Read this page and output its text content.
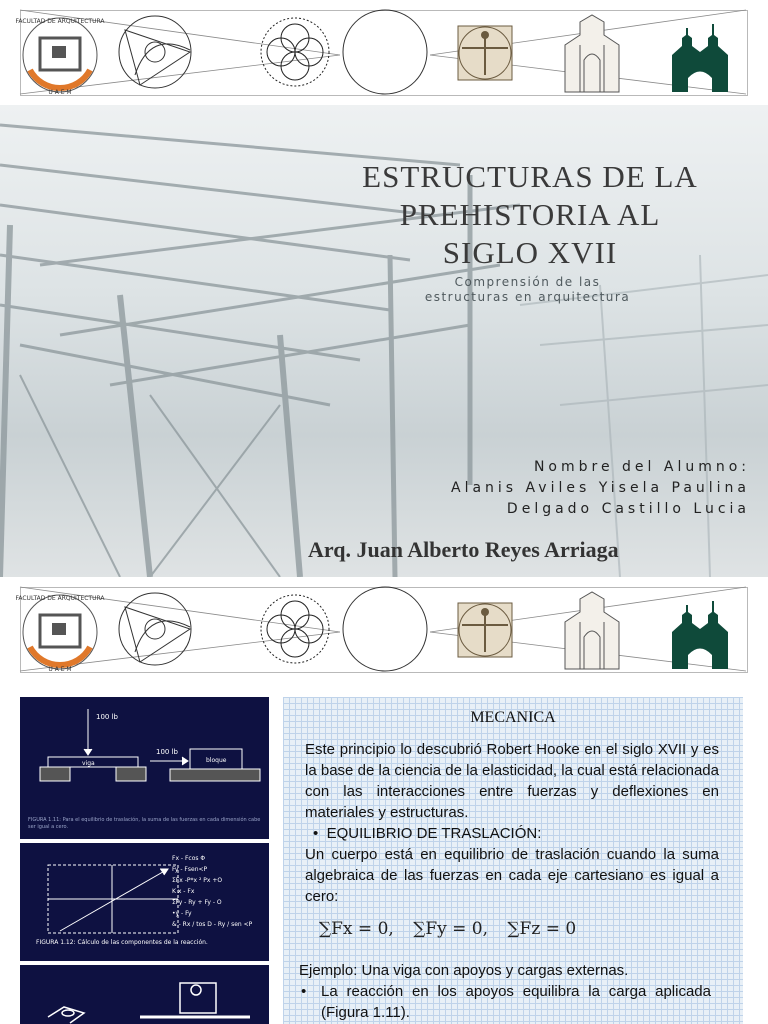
FACULTAD DE ARQUITECTURA
U A E M
ESTRUCTURAS DE LA
PREHISTORIA AL
SIGLO XVII
Comprensión de las
estructuras en arquitectura
Nombre del Alumno:
Alanis Aviles Yisela Paulina
Delgado Castillo Lucia
Arq. Juan Alberto Reyes Arriaga
FACULTAD DE ARQUITECTURA
U A E M
100 lb
100 lb
viga	bloque
FIGURA 1.11: Para el equilibrio de traslación, la suma de las fuerzas en cada dimensión cabe ser igual a cero.
Fx - Fcos Φ
Fy - Fsen<P
ΣFx -P*x ² Px +O
K x - Fx
ΣFy - Ry + Fy - O
•y - Fy
& - Rx / tos D - Ry / sen <P
FIGURA 1.12: Cálculo de las componentes de la reacción.
MECANICA
Este principio lo descubrió Robert Hooke en el siglo XVII y es la base de la ciencia de la elasticidad, la cual está relacionada con las interacciones entre fuerzas y deflexiones en materiales y estructuras.
•  EQUILIBRIO DE TRASLACIÓN:
Un cuerpo está en equilibrio de traslación cuando la suma algebraica de las fuerzas en cada eje cartesiano es igual a cero:
∑Fx = 0, ∑Fy = 0, ∑Fz = 0
Ejemplo: Una viga con apoyos y cargas externas.
• La reacción en los apoyos equilibra la carga aplicada (Figura 1.11).
